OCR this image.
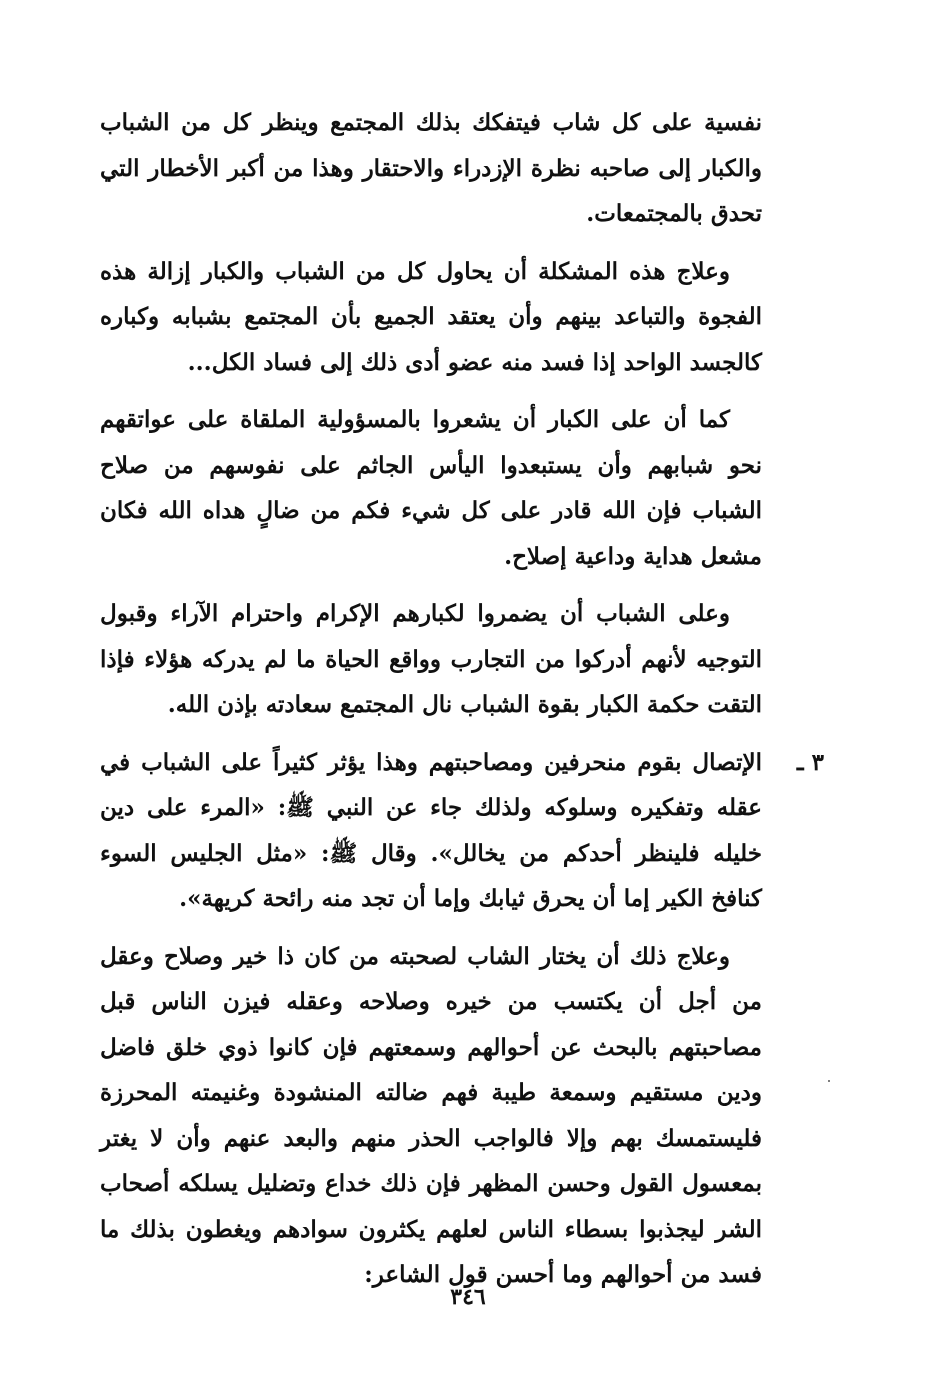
نفسية على كل شاب فيتفكك بذلك المجتمع وينظر كل من الشباب والكبار إلى صاحبه نظرة الإزدراء والاحتقار وهذا من أكبر الأخطار التي تحدق بالمجتمعات.

وعلاج هذه المشكلة أن يحاول كل من الشباب والكبار إزالة هذه الفجوة والتباعد بينهم وأن يعتقد الجميع بأن المجتمع بشبابه وكباره كالجسد الواحد إذا فسد منه عضو أدى ذلك إلى فساد الكل...

كما أن على الكبار أن يشعروا بالمسؤولية الملقاة على عواتقهم نحو شبابهم وأن يستبعدوا اليأس الجاثم على نفوسهم من صلاح الشباب فإن الله قادر على كل شيء فكم من ضالٍ هداه الله فكان مشعل هداية وداعية إصلاح.

وعلى الشباب أن يضمروا لكبارهم الإكرام واحترام الآراء وقبول التوجيه لأنهم أدركوا من التجارب وواقع الحياة ما لم يدركه هؤلاء فإذا التقت حكمة الكبار بقوة الشباب نال المجتمع سعادته بإذن الله.

٣ ـ
الإتصال بقوم منحرفين ومصاحبتهم وهذا يؤثر كثيراً على الشباب في عقله وتفكيره وسلوكه ولذلك جاء عن النبي ﷺ: «المرء على دين خليله فلينظر أحدكم من يخالل». وقال ﷺ: «مثل الجليس السوء كنافخ الكير إما أن يحرق ثيابك وإما أن تجد منه رائحة كريهة».

وعلاج ذلك أن يختار الشاب لصحبته من كان ذا خير وصلاح وعقل من أجل أن يكتسب من خيره وصلاحه وعقله فيزن الناس قبل مصاحبتهم بالبحث عن أحوالهم وسمعتهم فإن كانوا ذوي خلق فاضل ودين مستقيم وسمعة طيبة فهم ضالته المنشودة وغنيمته المحرزة فليستمسك بهم وإلا فالواجب الحذر منهم والبعد عنهم وأن لا يغتر بمعسول القول وحسن المظهر فإن ذلك خداع وتضليل يسلكه أصحاب الشر ليجذبوا بسطاء الناس لعلهم يكثرون سوادهم ويغطون بذلك ما فسد من أحوالهم وما أحسن قول الشاعر:

٣٤٦
